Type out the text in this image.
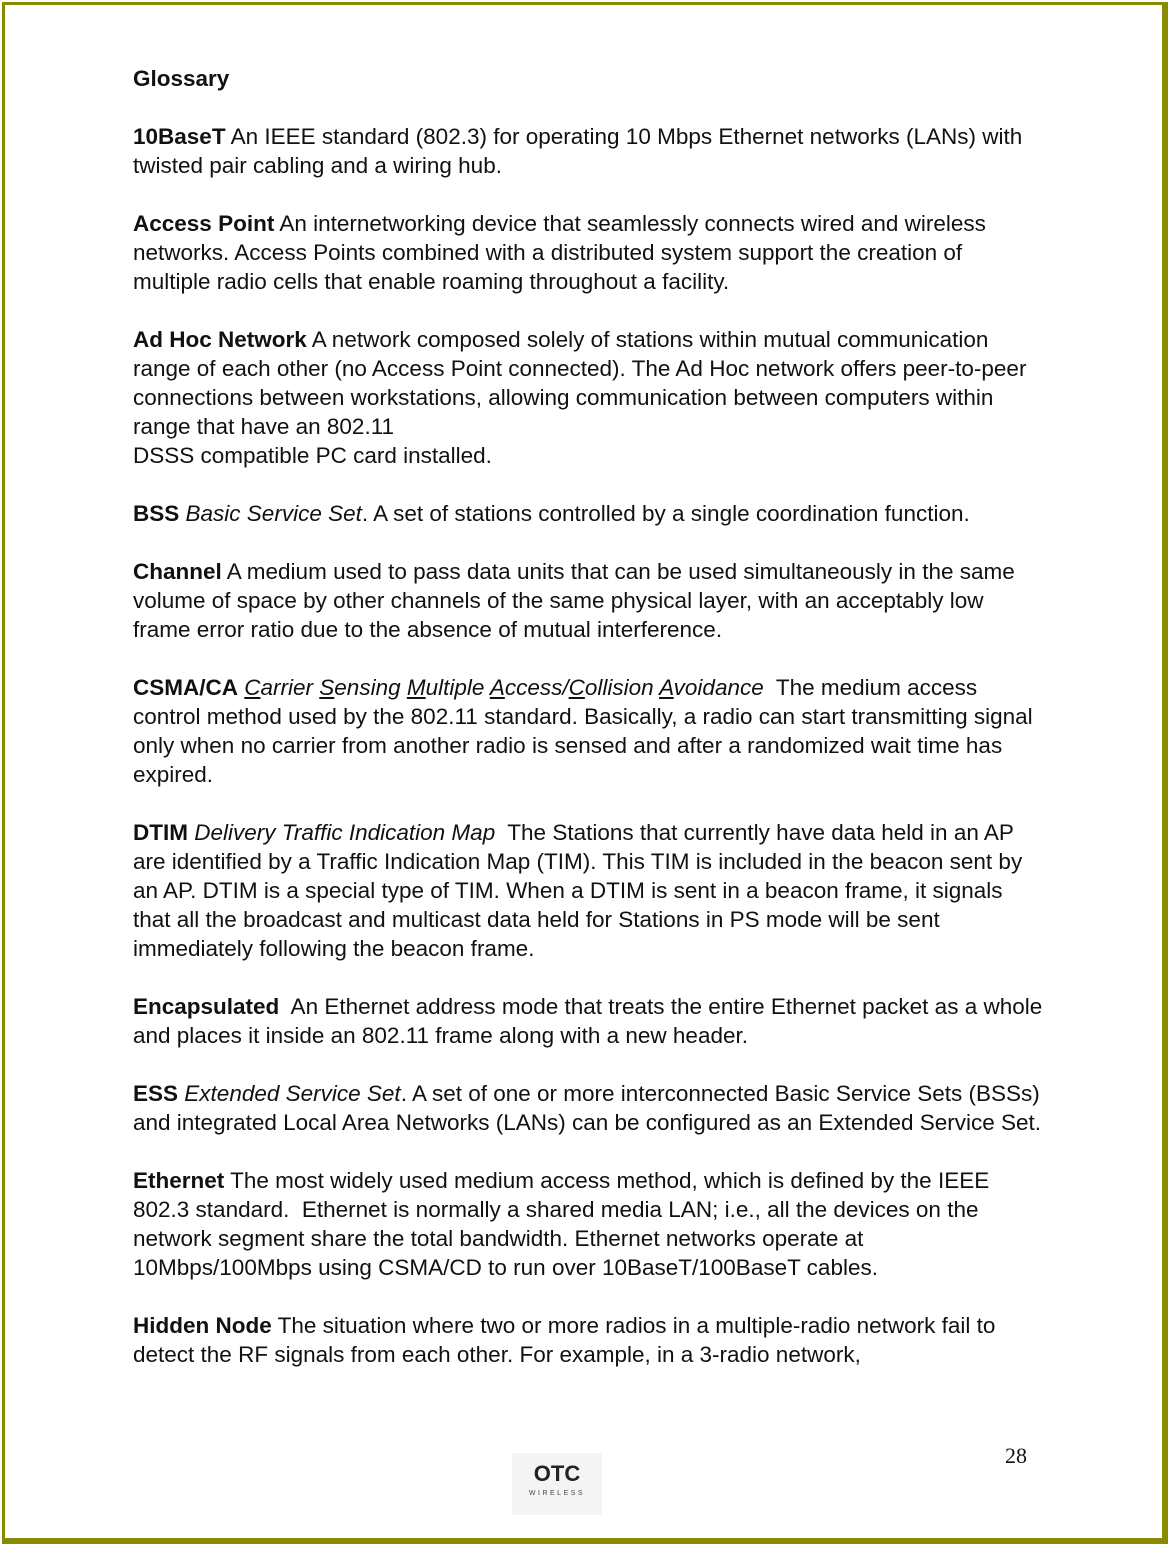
Glossary
10BaseT An IEEE standard (802.3) for operating 10 Mbps Ethernet networks (LANs) with twisted pair cabling and a wiring hub.
Access Point An internetworking device that seamlessly connects wired and wireless networks. Access Points combined with a distributed system support the creation of multiple radio cells that enable roaming throughout a facility.
Ad Hoc Network A network composed solely of stations within mutual communication range of each other (no Access Point connected). The Ad Hoc network offers peer-to-peer connections between workstations, allowing communication between computers within range that have an 802.11
DSSS compatible PC card installed.
BSS Basic Service Set. A set of stations controlled by a single coordination function.
Channel A medium used to pass data units that can be used simultaneously in the same volume of space by other channels of the same physical layer, with an acceptably low frame error ratio due to the absence of mutual interference.
CSMA/CA Carrier Sensing Multiple Access/Collision Avoidance  The medium access control method used by the 802.11 standard. Basically, a radio can start transmitting signal only when no carrier from another radio is sensed and after a randomized wait time has expired.
DTIM Delivery Traffic Indication Map  The Stations that currently have data held in an AP are identified by a Traffic Indication Map (TIM). This TIM is included in the beacon sent by an AP. DTIM is a special type of TIM. When a DTIM is sent in a beacon frame, it signals that all the broadcast and multicast data held for Stations in PS mode will be sent immediately following the beacon frame.
Encapsulated  An Ethernet address mode that treats the entire Ethernet packet as a whole and places it inside an 802.11 frame along with a new header.
ESS Extended Service Set. A set of one or more interconnected Basic Service Sets (BSSs) and integrated Local Area Networks (LANs) can be configured as an Extended Service Set.
Ethernet The most widely used medium access method, which is defined by the IEEE 802.3 standard.  Ethernet is normally a shared media LAN; i.e., all the devices on the network segment share the total bandwidth. Ethernet networks operate at 10Mbps/100Mbps using CSMA/CD to run over 10BaseT/100BaseT cables.
Hidden Node The situation where two or more radios in a multiple-radio network fail to detect the RF signals from each other. For example, in a 3-radio network,
28
OTC
WIRELESS
